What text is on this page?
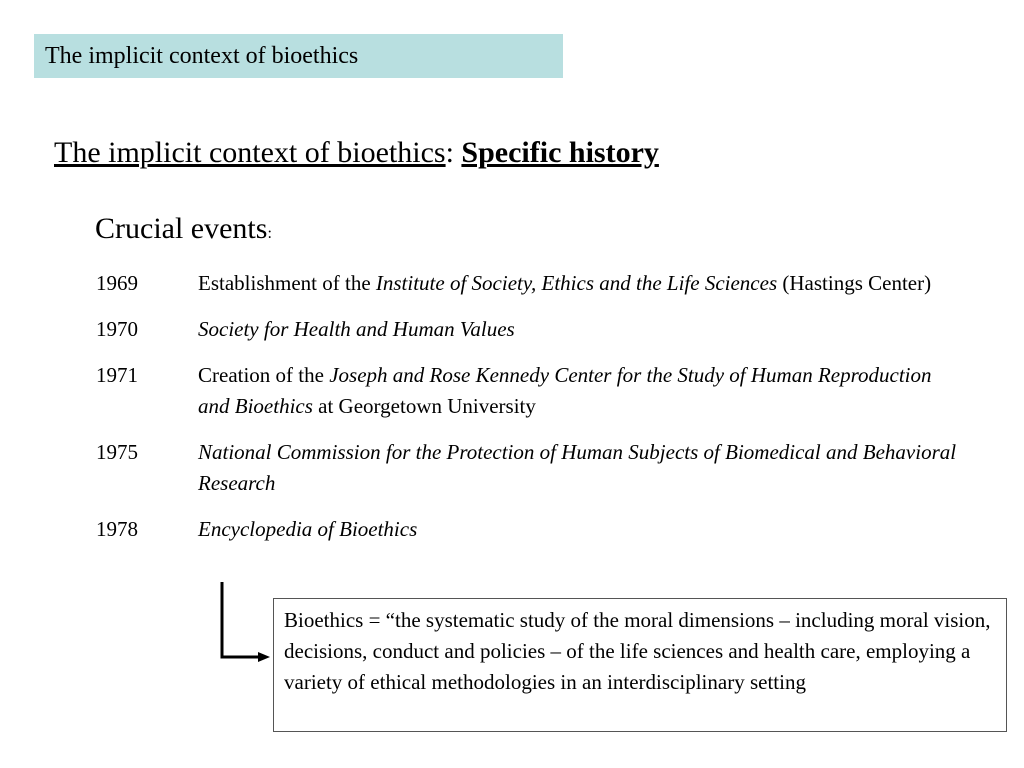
The implicit context of bioethics
The implicit context of bioethics: Specific history
Crucial events:
1969	Establishment of the Institute of Society, Ethics and the Life Sciences (Hastings Center)
1970	Society for Health and Human Values
1971	Creation of the Joseph and Rose Kennedy Center for the Study of Human Reproduction and Bioethics at Georgetown University
1975	National Commission for the Protection of Human Subjects of Biomedical and Behavioral Research
1978	Encyclopedia of Bioethics
Bioethics = “the systematic study of the moral dimensions – including moral vision, decisions, conduct and policies – of the life sciences and health care, employing a variety of ethical methodologies in an interdisciplinary setting
